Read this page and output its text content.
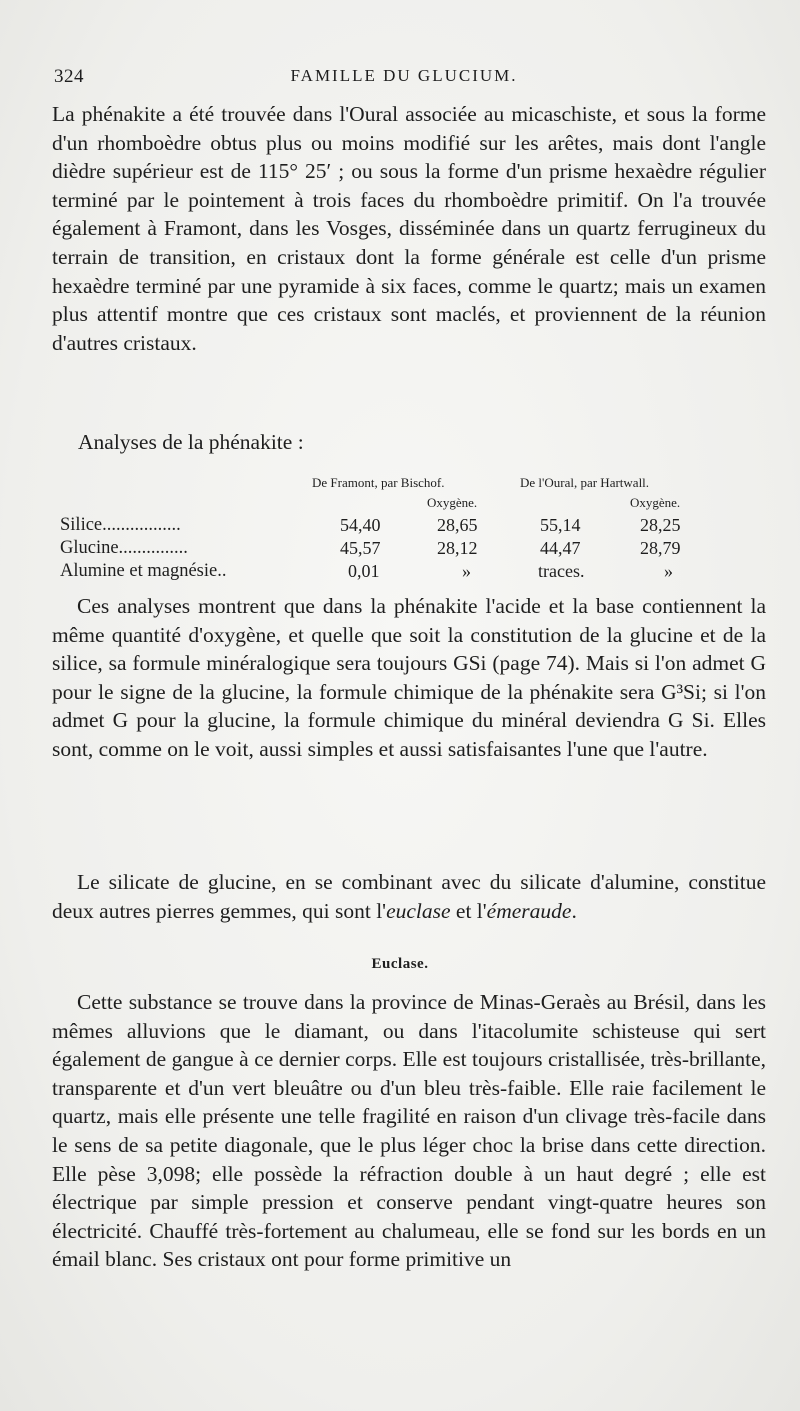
324	FAMILLE DU GLUCIUM.

La phénakite a été trouvée dans l'Oural associée au micaschiste, et sous la forme d'un rhomboèdre obtus plus ou moins modifié sur les arêtes, mais dont l'angle dièdre supérieur est de 115° 25′ ; ou sous la forme d'un prisme hexaèdre régulier terminé par le pointement à trois faces du rhomboèdre primitif. On l'a trouvée également à Framont, dans les Vosges, disséminée dans un quartz ferrugineux du terrain de transition, en cristaux dont la forme générale est celle d'un prisme hexaèdre terminé par une pyramide à six faces, comme le quartz; mais un examen plus attentif montre que ces cristaux sont maclés, et proviennent de la réunion d'autres cristaux.

Analyses de la phénakite :
De Framont, par Bischof.	De l'Oural, par Hartwall.
Oxygène.	Oxygène.
Silice.................	54,40	28,65	55,14	28,25
Glucine...............	45,57	28,12	44,47	28,79
Alumine et magnésie..	0,01	»	traces.	»

Ces analyses montrent que dans la phénakite l'acide et la base contiennent la même quantité d'oxygène, et quelle que soit la constitution de la glucine et de la silice, sa formule minéralogique sera toujours GSi (page 74). Mais si l'on admet G pour le signe de la glucine, la formule chimique de la phénakite sera G³Si; si l'on admet G pour la glucine, la formule chimique du minéral deviendra G Si. Elles sont, comme on le voit, aussi simples et aussi satisfaisantes l'une que l'autre.

Le silicate de glucine, en se combinant avec du silicate d'alumine, constitue deux autres pierres gemmes, qui sont l'euclase et l'émeraude.

Euclase.

Cette substance se trouve dans la province de Minas-Geraès au Brésil, dans les mêmes alluvions que le diamant, ou dans l'itacolumite schisteuse qui sert également de gangue à ce dernier corps. Elle est toujours cristallisée, très-brillante, transparente et d'un vert bleuâtre ou d'un bleu très-faible. Elle raie facilement le quartz, mais elle présente une telle fragilité en raison d'un clivage très-facile dans le sens de sa petite diagonale, que le plus léger choc la brise dans cette direction. Elle pèse 3,098; elle possède la réfraction double à un haut degré ; elle est électrique par simple pression et conserve pendant vingt-quatre heures son électricité. Chauffé très-fortement au chalumeau, elle se fond sur les bords en un émail blanc. Ses cristaux ont pour forme primitive un
